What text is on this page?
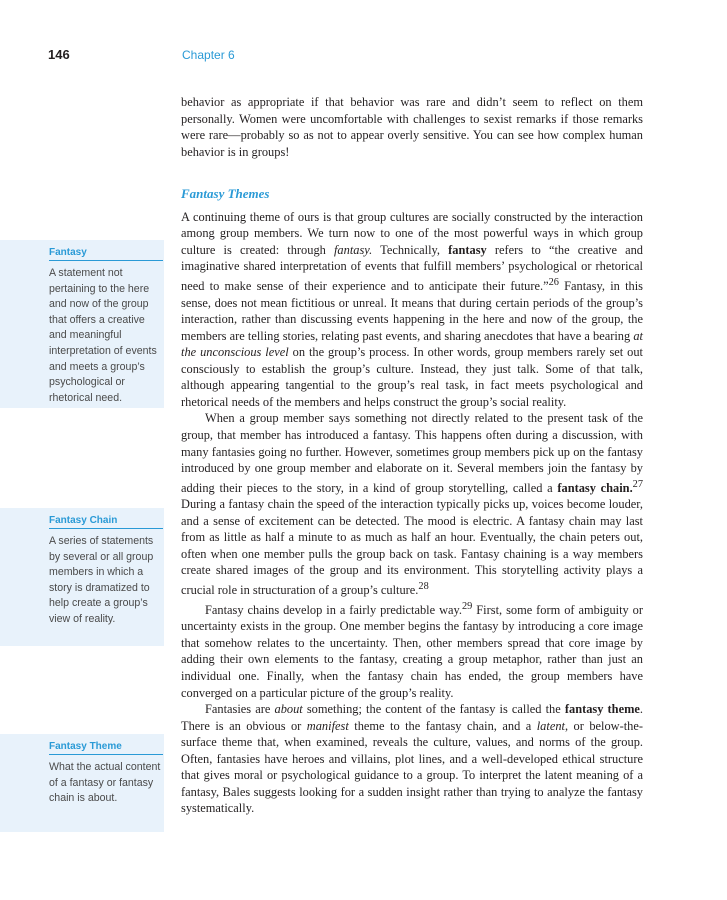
146	Chapter 6
Fantasy
A statement not pertaining to the here and now of the group that offers a creative and meaningful interpretation of events and meets a group’s psychological or rhetorical need.
Fantasy Chain
A series of statements by several or all group members in which a story is dramatized to help create a group’s view of reality.
Fantasy Theme
What the actual content of a fantasy or fantasy chain is about.

behavior as appropriate if that behavior was rare and didn’t seem to reflect on them personally. Women were uncomfortable with challenges to sexist remarks if those remarks were rare—probably so as not to appear overly sensitive. You can see how complex human behavior is in groups!

Fantasy Themes

A continuing theme of ours is that group cultures are socially constructed by the interaction among group members. We turn now to one of the most powerful ways in which group culture is created: through fantasy. Technically, fantasy refers to “the creative and imaginative shared interpretation of events that fulfill members’ psychological or rhetorical need to make sense of their experience and to anticipate their future.”$^{26}$ Fantasy, in this sense, does not mean fictitious or unreal. It means that during certain periods of the group’s interaction, rather than discussing events happening in the here and now of the group, the members are telling stories, relating past events, and sharing anecdotes that have a bearing at the unconscious level on the group’s process. In other words, group members rarely set out consciously to establish the group’s culture. Instead, they just talk. Some of that talk, although appearing tangential to the group’s real task, in fact meets psychological and rhetorical needs of the members and helps construct the group’s social reality.

When a group member says something not directly related to the present task of the group, that member has introduced a fantasy. This happens often during a discussion, with many fantasies going no further. However, sometimes group members pick up on the fantasy introduced by one group member and elaborate on it. Several members join the fantasy by adding their pieces to the story, in a kind of group storytelling, called a fantasy chain.$^{27}$ During a fantasy chain the speed of the interaction typically picks up, voices become louder, and a sense of excitement can be detected. The mood is electric. A fantasy chain may last from as little as half a minute to as much as half an hour. Eventually, the chain peters out, often when one member pulls the group back on task. Fantasy chaining is a way members create shared images of the group and its environment. This storytelling activity plays a crucial role in structuration of a group’s culture.$^{28}$

Fantasy chains develop in a fairly predictable way.$^{29}$ First, some form of ambiguity or uncertainty exists in the group. One member begins the fantasy by introducing a core image that somehow relates to the uncertainty. Then, other members spread that core image by adding their own elements to the fantasy, creating a group metaphor, rather than just an individual one. Finally, when the fantasy chain has ended, the group members have converged on a particular picture of the group’s reality.

Fantasies are about something; the content of the fantasy is called the fantasy theme. There is an obvious or manifest theme to the fantasy chain, and a latent, or below-the-surface theme that, when examined, reveals the culture, values, and norms of the group. Often, fantasies have heroes and villains, plot lines, and a well-developed ethical structure that gives moral or psychological guidance to a group. To interpret the latent meaning of a fantasy, Bales suggests looking for a sudden insight rather than trying to analyze the fantasy systematically.
